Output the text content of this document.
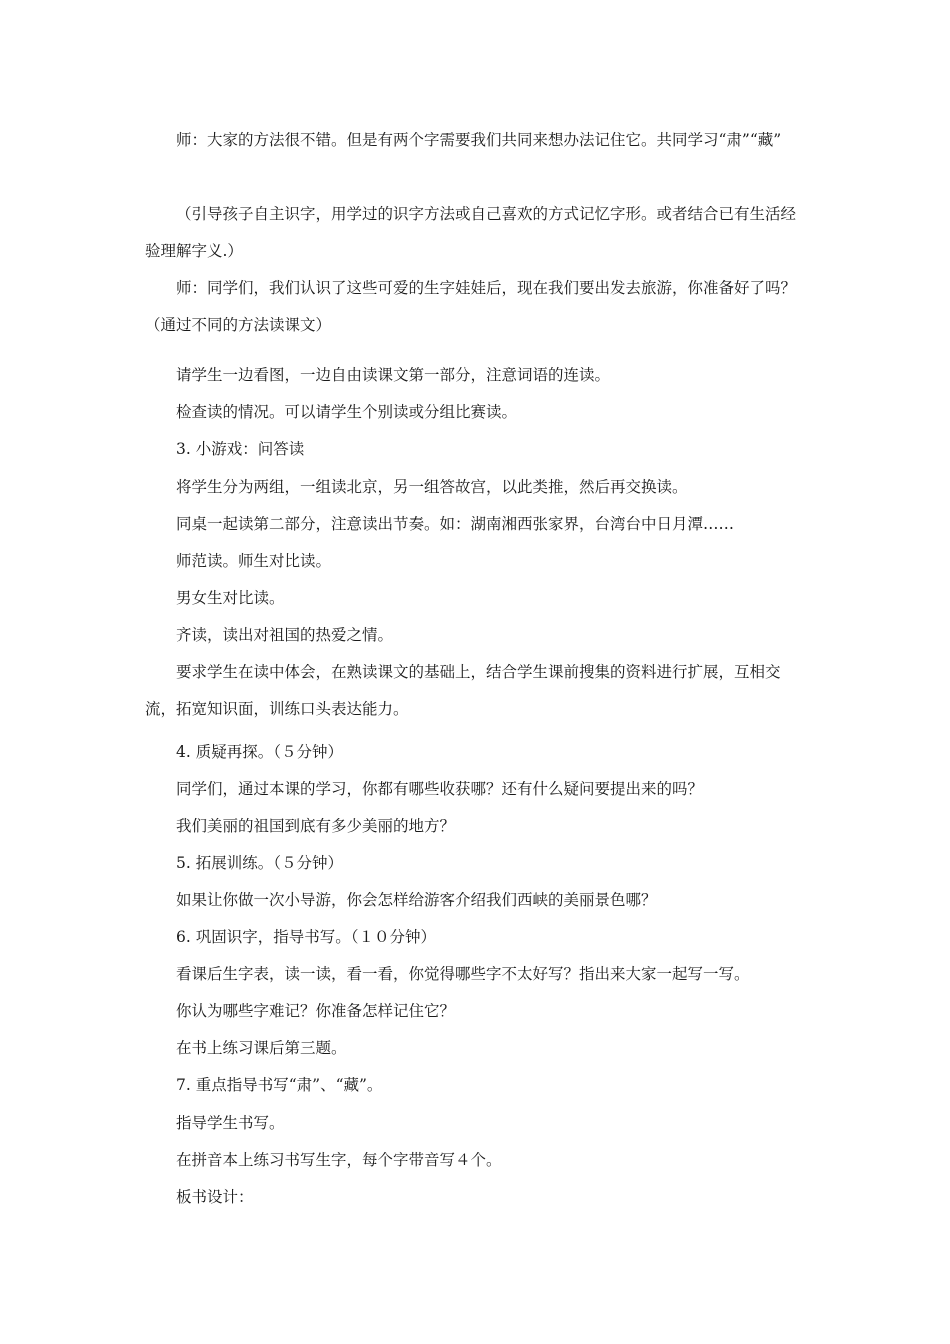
师：大家的方法很不错。但是有两个字需要我们共同来想办法记住它。共同学习“肃”“藏”

（引导孩子自主识字，用学过的识字方法或自己喜欢的方式记忆字形。或者结合已有生活经验理解字义.）

师：同学们，我们认识了这些可爱的生字娃娃后，现在我们要出发去旅游，你准备好了吗？（通过不同的方法读课文）

请学生一边看图，一边自由读课文第一部分，注意词语的连读。

检查读的情况。可以请学生个别读或分组比赛读。

3. 小游戏：问答读

将学生分为两组，一组读北京，另一组答故宫，以此类推，然后再交换读。

同桌一起读第二部分，注意读出节奏。如：湖南湘西张家界，台湾台中日月潭……

师范读。师生对比读。

男女生对比读。

齐读，读出对祖国的热爱之情。

要求学生在读中体会，在熟读课文的基础上，结合学生课前搜集的资料进行扩展，互相交流，拓宽知识面，训练口头表达能力。

4. 质疑再探。（５分钟）

同学们，通过本课的学习，你都有哪些收获哪？还有什么疑问要提出来的吗？

我们美丽的祖国到底有多少美丽的地方？

5. 拓展训练。（５分钟）

如果让你做一次小导游，你会怎样给游客介绍我们西峡的美丽景色哪？

6. 巩固识字，指导书写。（１０分钟）

看课后生字表，读一读，看一看，你觉得哪些字不太好写？指出来大家一起写一写。

你认为哪些字难记？你准备怎样记住它？

在书上练习课后第三题。

7. 重点指导书写“肃”、“藏”。

指导学生书写。

在拼音本上练习书写生字，每个字带音写４个。

板书设计：
